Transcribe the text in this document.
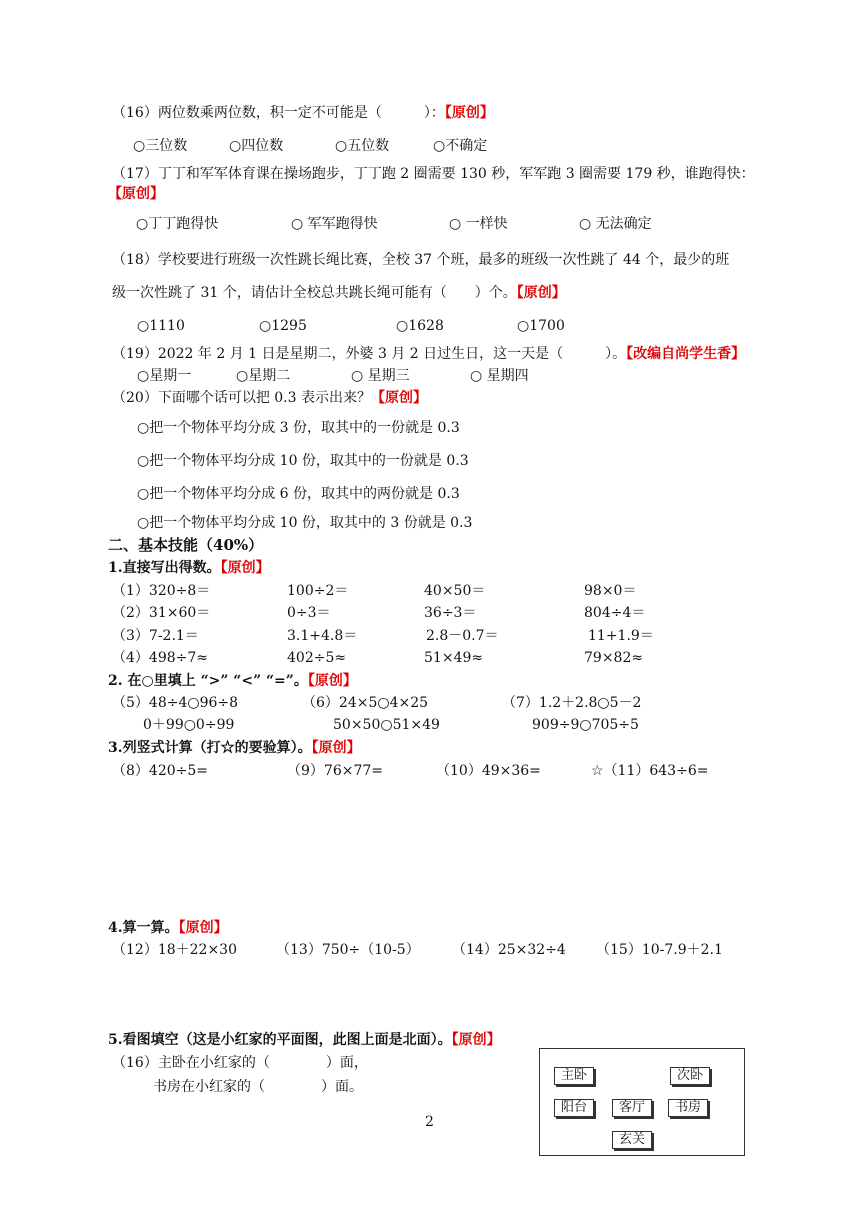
（16）两位数乘两位数，积一定不可能是（　　　）：【原创】
○三位数	○四位数	○五位数	○不确定
（17）丁丁和军军体育课在操场跑步，丁丁跑 2 圈需要 130 秒，军军跑 3 圈需要 179 秒，谁跑得快：
【原创】
○丁丁跑得快	○ 军军跑得快	○ 一样快	○ 无法确定
（18）学校要进行班级一次性跳长绳比赛，全校 37 个班，最多的班级一次性跳了 44 个，最少的班
级一次性跳了 31 个，请估计全校总共跳长绳可能有（　　）个。【原创】
○1110	○1295	○1628	○1700
（19）2022 年 2 月 1 日是星期二，外婆 3 月 2 日过生日，这一天是（　　　）。【改编自尚学生香】
○星期一	○星期二	○ 星期三	○ 星期四
（20）下面哪个话可以把 0.3 表示出来？【原创】
○把一个物体平均分成 3 份，取其中的一份就是 0.3
○把一个物体平均分成 10 份，取其中的一份就是 0.3
○把一个物体平均分成 6 份，取其中的两份就是 0.3
○把一个物体平均分成 10 份，取其中的 3 份就是 0.3
二、基本技能（40%）
1.直接写出得数。【原创】
（1）320÷8＝	100÷2＝	40×50＝	98×0＝
（2）31×60＝	0÷3＝	36÷3＝	804÷4＝
（3）7-2.1＝	3.1+4.8＝	2.8－0.7＝	11+1.9＝
（4）498÷7≈	402÷5≈	51×49≈	79×82≈
2. 在○里填上 “>” “<” “=”。【原创】
（5）48÷4○96÷8	（6）24×5○4×25	（7）1.2＋2.8○5－2
0＋99○0÷99	50×50○51×49	909÷9○705÷5
3.列竖式计算（打☆的要验算）。【原创】
（8）420÷5=	（9）76×77=	（10）49×36=	☆（11）643÷6=
4.算一算。【原创】
（12）18＋22×30	（13）750÷（10-5） （14）25×32÷4 （15）10-7.9＋2.1
5.看图填空（这是小红家的平面图，此图上面是北面）。【原创】
（16）主卧在小红家的（　　　　）面，
书房在小红家的（　　　　）面。
2
主卧	次卧
阳台	客厅	书房
玄关
